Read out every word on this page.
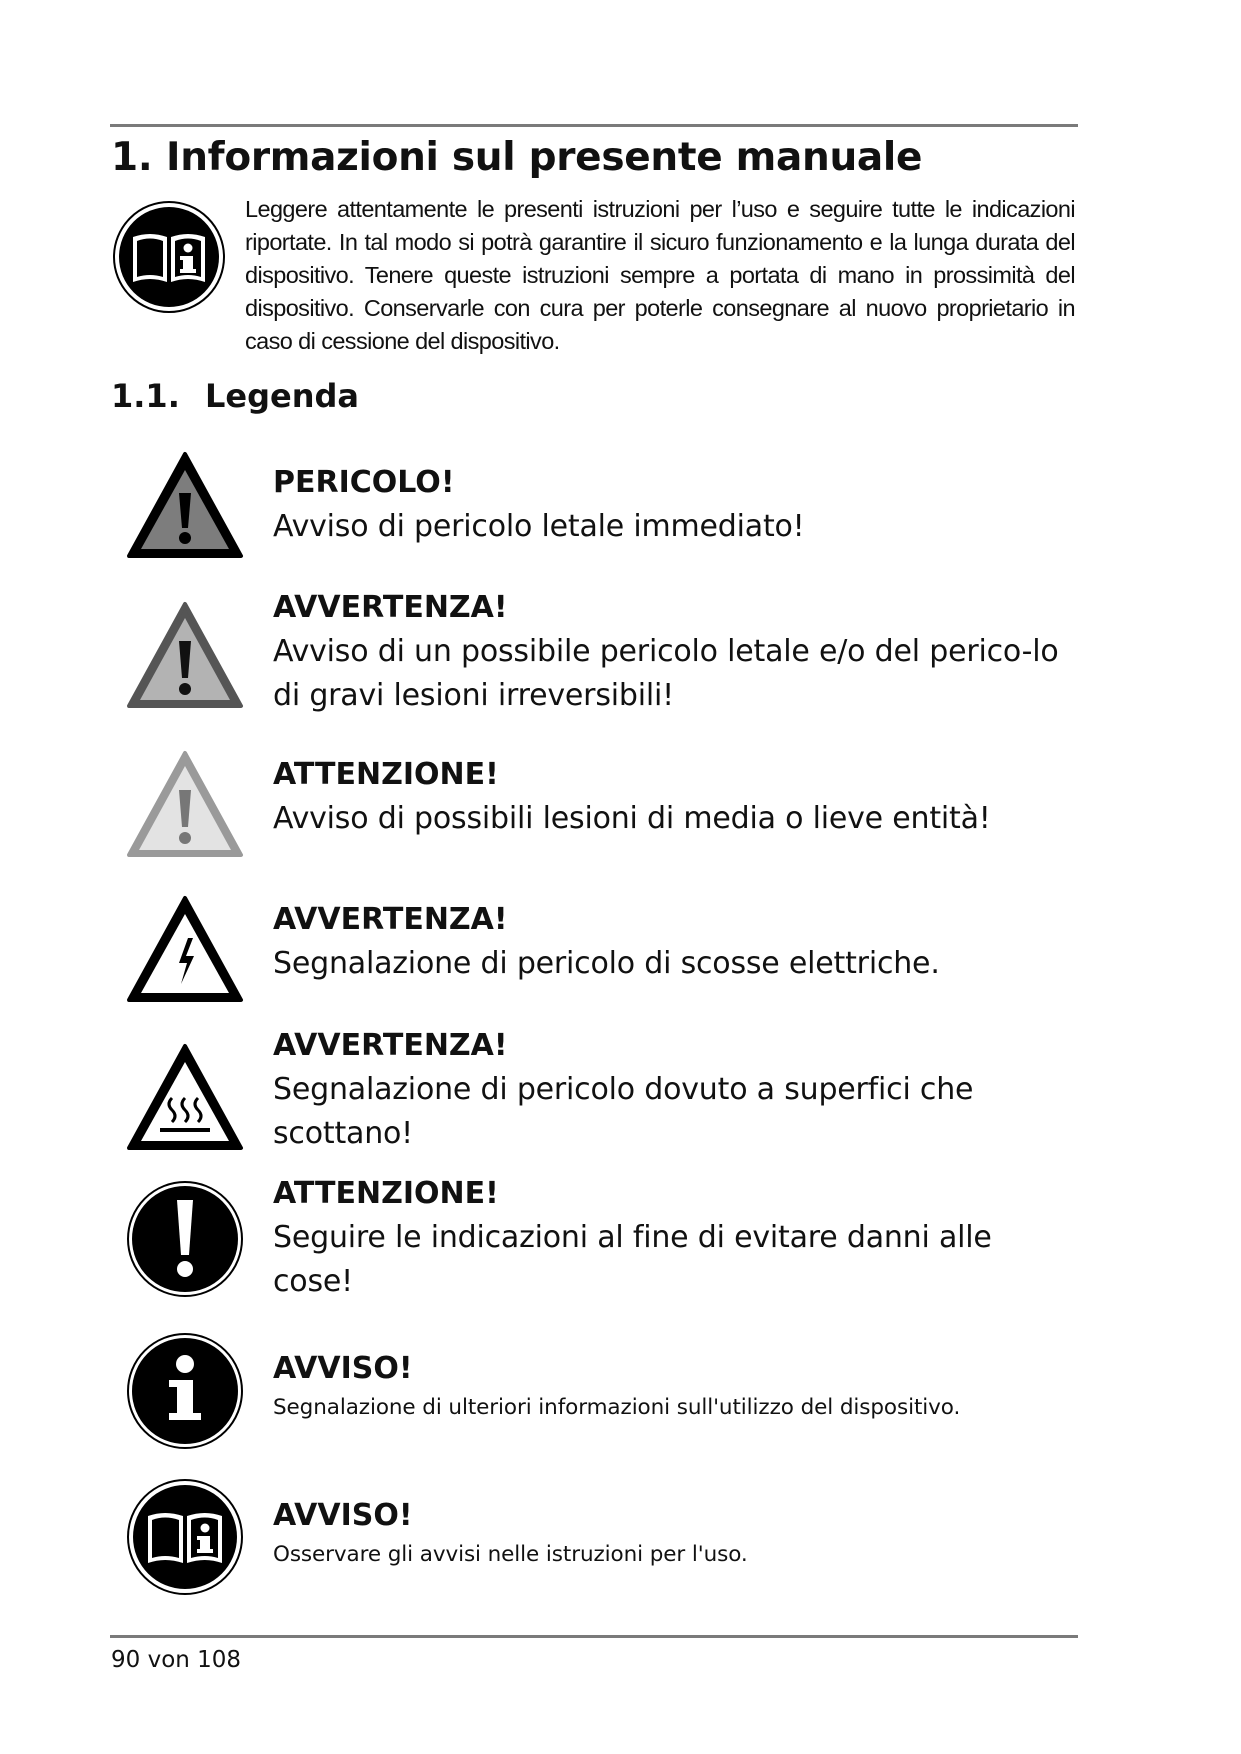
1. Informazioni sul presente manuale

Leggere attentamente le presenti istruzioni per l’uso e seguire tutte le indicazioni riportate. In tal modo si potrà garantire il sicuro funzionamento e la lunga durata del dispositivo. Tenere queste istruzioni sempre a portata di mano in prossimità del dispositivo. Conservarle con cura per poterle consegnare al nuovo proprietario in caso di cessione del dispositivo.

1.1. Legenda

PERICOLO!

Avviso di pericolo letale immediato!

AVVERTENZA!

Avviso di un possibile pericolo letale e/o del perico-lo di gravi lesioni irreversibili!

ATTENZIONE!

Avviso di possibili lesioni di media o lieve entità!

AVVERTENZA!

Segnalazione di pericolo di scosse elettriche.

AVVERTENZA!

Segnalazione di pericolo dovuto a superfici che scottano!

ATTENZIONE!

Seguire le indicazioni al fine di evitare danni alle cose!

AVVISO!

Segnalazione di ulteriori informazioni sull'utilizzo del dispositivo.

AVVISO!

Osservare gli avvisi nelle istruzioni per l'uso.

90 von 108
